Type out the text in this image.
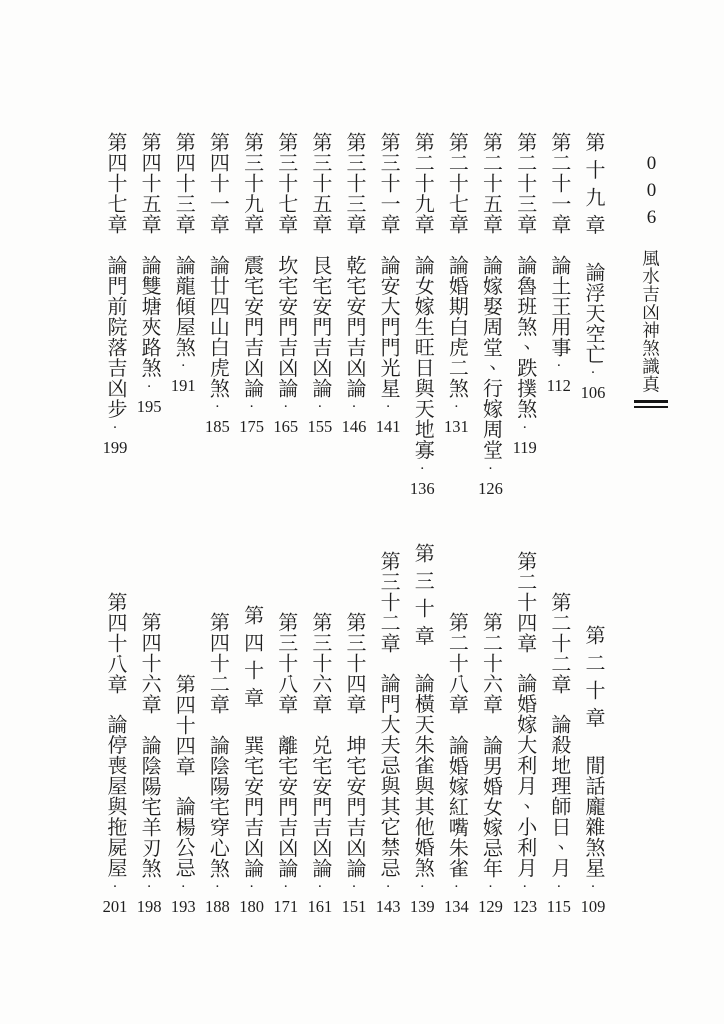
006
風水吉凶神煞識真
第十九章
論浮天空亡
·
106
第二十一章
論土王用事
·
112
第二十三章
論魯班煞、跌撲煞
·
119
第二十五章
論嫁娶周堂、行嫁周堂
·
126
第二十七章
論婚期白虎二煞
·
131
第二十九章
論女嫁生旺日與天地寡
·
136
第三十一章
論安大門門光星
·
141
第三十三章
乾宅安門吉凶論
·
146
第三十五章
艮宅安門吉凶論
·
155
第三十七章
坎宅安門吉凶論
·
165
第三十九章
震宅安門吉凶論
·
175
第四十一章
論廿四山白虎煞
·
185
第四十三章
論龍傾屋煞
·
191
第四十五章
論雙塘夾路煞
·
195
第四十七章
論門前院落吉凶步
·
199
第二十章
閒話龐雜煞星
·
109
第二十二章
論殺地理師日、月
·
115
第二十四章
論婚嫁大利月、小利月
·
123
第二十六章
論男婚女嫁忌年
·
129
第二十八章
論婚嫁紅嘴朱雀
·
134
第三十章
論橫天朱雀與其他婚煞
·
139
第三十二章
論門大夫忌與其它禁忌
·
143
第三十四章
坤宅安門吉凶論
·
151
第三十六章
兑宅安門吉凶論
·
161
第三十八章
離宅安門吉凶論
·
171
第四十章
巽宅安門吉凶論
·
180
第四十二章
論陰陽宅穿心煞
·
188
第四十四章
論楊公忌
·
193
第四十六章
論陰陽宅羊刃煞
·
198
第四十八章
論停喪屋與拖屍屋
·
201
